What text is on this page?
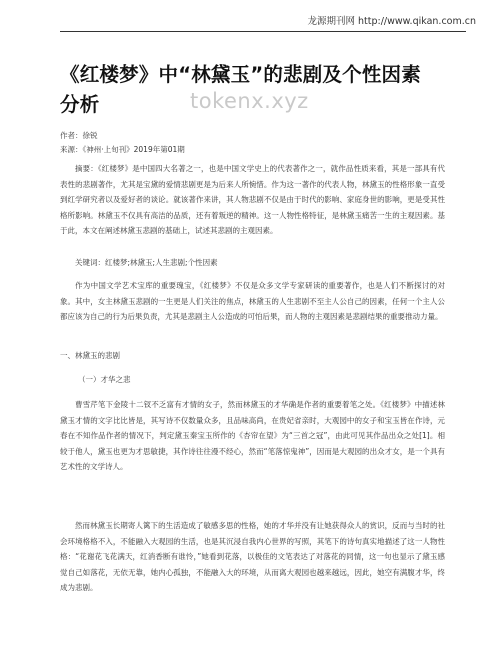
龙源期刊网 http://www.qikan.com.cn
《红楼梦》中“林黛玉”的悲剧及个性因素分析	tokenx.xyz
作者：徐锐
来源：《神州·上旬刊》2019年第01期

摘要：《红楼梦》是中国四大名著之一，也是中国文学史上的代表著作之一，就作品性质来看，其是一部具有代表性的悲剧著作，尤其是宝黛的爱情悲剧更是为后来人所惋惜。作为这一著作的代表人物，林黛玉的性格形象一直受到红学研究者以及爱好者的谈论。就该著作来讲，其人物悲剧不仅是由于时代的影响、家庭身世的影响，更是受其性格所影响。林黛玉不仅具有高洁的品质，还有着叛逆的精神。这一人物性格特征，是林黛玉痛苦一生的主观因素。基于此，本文在阐述林黛玉悲剧的基础上，试述其悲剧的主观因素。

关键词：红楼梦;林黛玉;人生悲剧;个性因素

作为中国文学艺术宝库的重要瑰宝，《红楼梦》不仅是众多文学专家研读的重要著作，也是人们不断探讨的对象。其中，女主林黛玉悲剧的一生更是人们关注的焦点，林黛玉的人生悲剧不至主人公自己的因素，任何一个主人公都应该为自己的行为后果负责，尤其是悲剧主人公造成的可怕后果，而人物的主观因素是悲剧结果的重要推动力量。

一、林黛玉的悲剧
（一）才华之悲

曹雪芹笔下金陵十二钗不乏富有才情的女子，然而林黛玉的才华确是作者的重要着笔之处。《红楼梦》中描述林黛玉才情的文字比比皆是，其写诗不仅数量众多，且品味高尚，在贵妃省亲时，大观园中的女子和宝玉皆在作诗，元春在不知作品作者的情况下，判定黛玉秦宝玉所作的《杏帘在望》为“三首之冠”，由此可见其作品出众之处[1]。相较于他人，黛玉也更为才思敏捷，其作诗往往漫不经心，然而“笔落惊鬼神”，因而是大观园的出众才女，是一个具有艺术性的文学诗人。

然而林黛玉长期寄人篱下的生活造成了敏感多思的性格，她的才华并没有让她获得众人的赏识，反而与当时的社会环境格格不入，不能融入大观园的生活，也是其沉浸自我内心世界的写照，其笔下的诗句真实地描述了这一人物性格：“花谢花飞花满天，红消香断有谁怜，”她看到花落，以极佳的文笔表达了对落花的同情，这一句也显示了黛玉感觉自己如落花，无依无靠，她内心孤独，不能融入大的环境，从而离大观园也越来越远，因此，她空有满腹才华，终成为悲剧。
